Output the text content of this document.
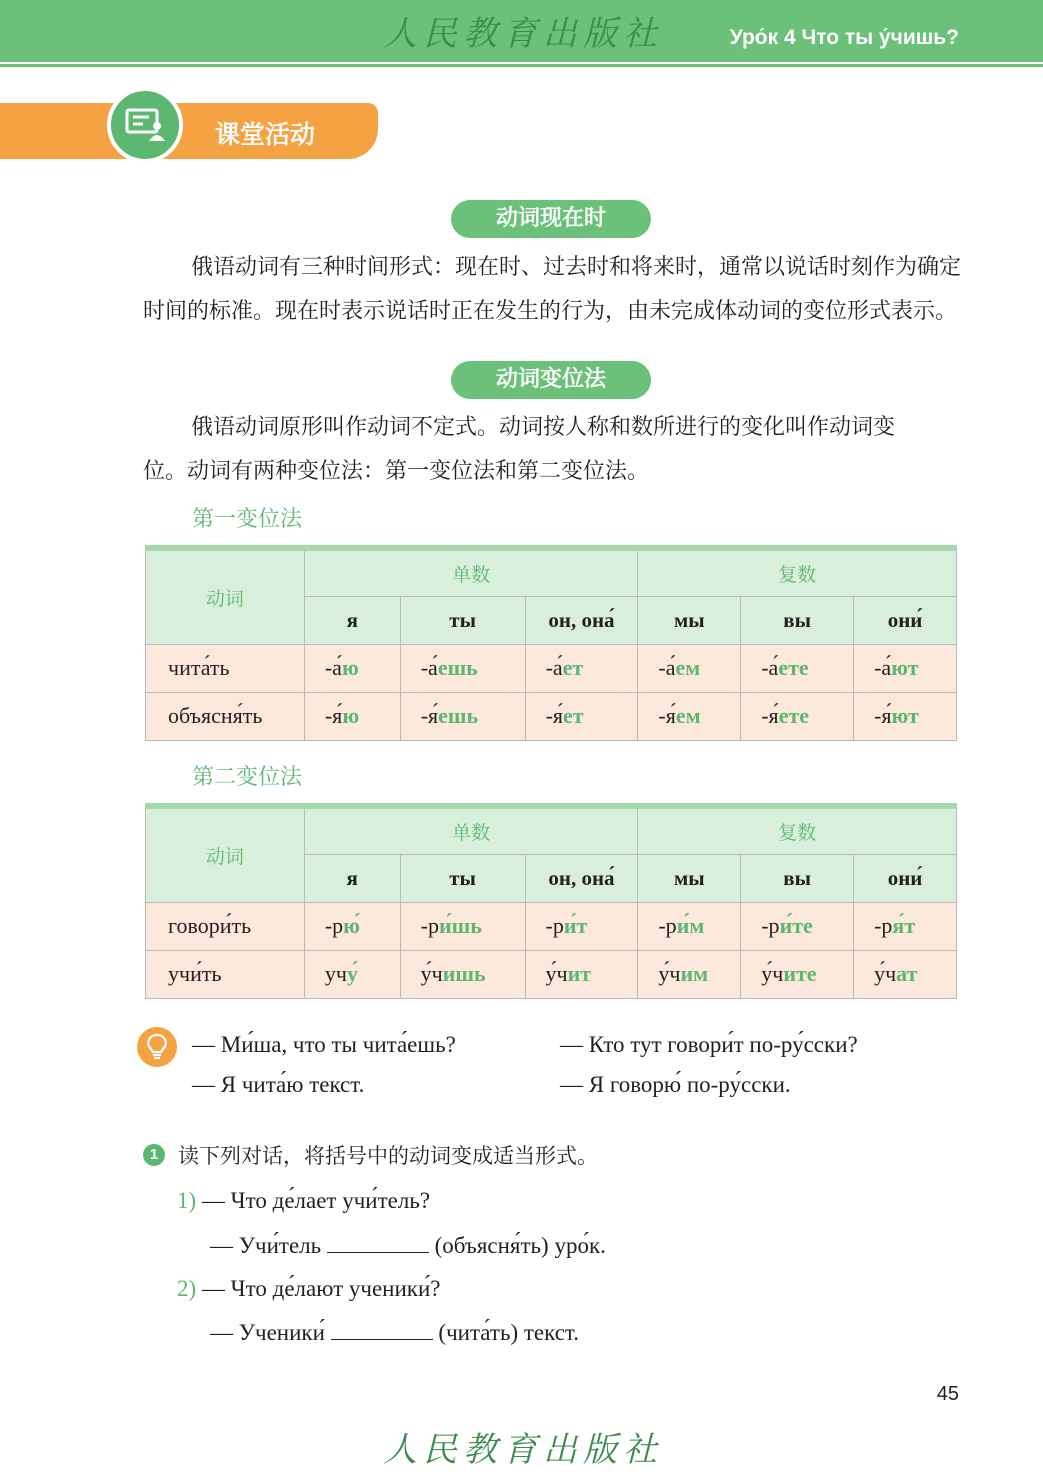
人民教育出版社	Уро́к 4 Что ты у́чишь?
课堂活动
动词现在时
俄语动词有三种时间形式：现在时、过去时和将来时，通常以说话时刻作为确定
时间的标准。现在时表示说话时正在发生的行为，由未完成体动词的变位形式表示。
动词变位法
俄语动词原形叫作动词不定式。动词按人称和数所进行的变化叫作动词变
位。动词有两种变位法：第一变位法和第二变位法。
第一变位法
动词	单数			复数		
	я	ты	он, она́	мы	вы	они́
чита́ть	-а́ю	-а́ешь	-а́ет	-а́ем	-а́ете	-а́ют
объясня́ть	-я́ю	-я́ешь	-я́ет	-я́ем	-я́ете	-я́ют
第二变位法
动词	单数			复数		
	я	ты	он, она́	мы	вы	они́
говори́ть	-рю́	-ри́шь	-ри́т	-ри́м	-ри́те	-ря́т
учи́ть	учу́	у́чишь	у́чит	у́чим	у́чите	у́чат
— Ми́ша, что ты чита́ешь?
— Я чита́ю текст.
— Кто тут говори́т по-ру́сски?
— Я говорю́ по-ру́сски.
1 读下列对话，将括号中的动词变成适当形式。
1) — Что де́лает учи́тель?
— Учи́тель	(объясня́ть) уро́к.
2) — Что де́лают ученики́?
— Ученики́	(чита́ть) текст.
45
人民教育出版社
